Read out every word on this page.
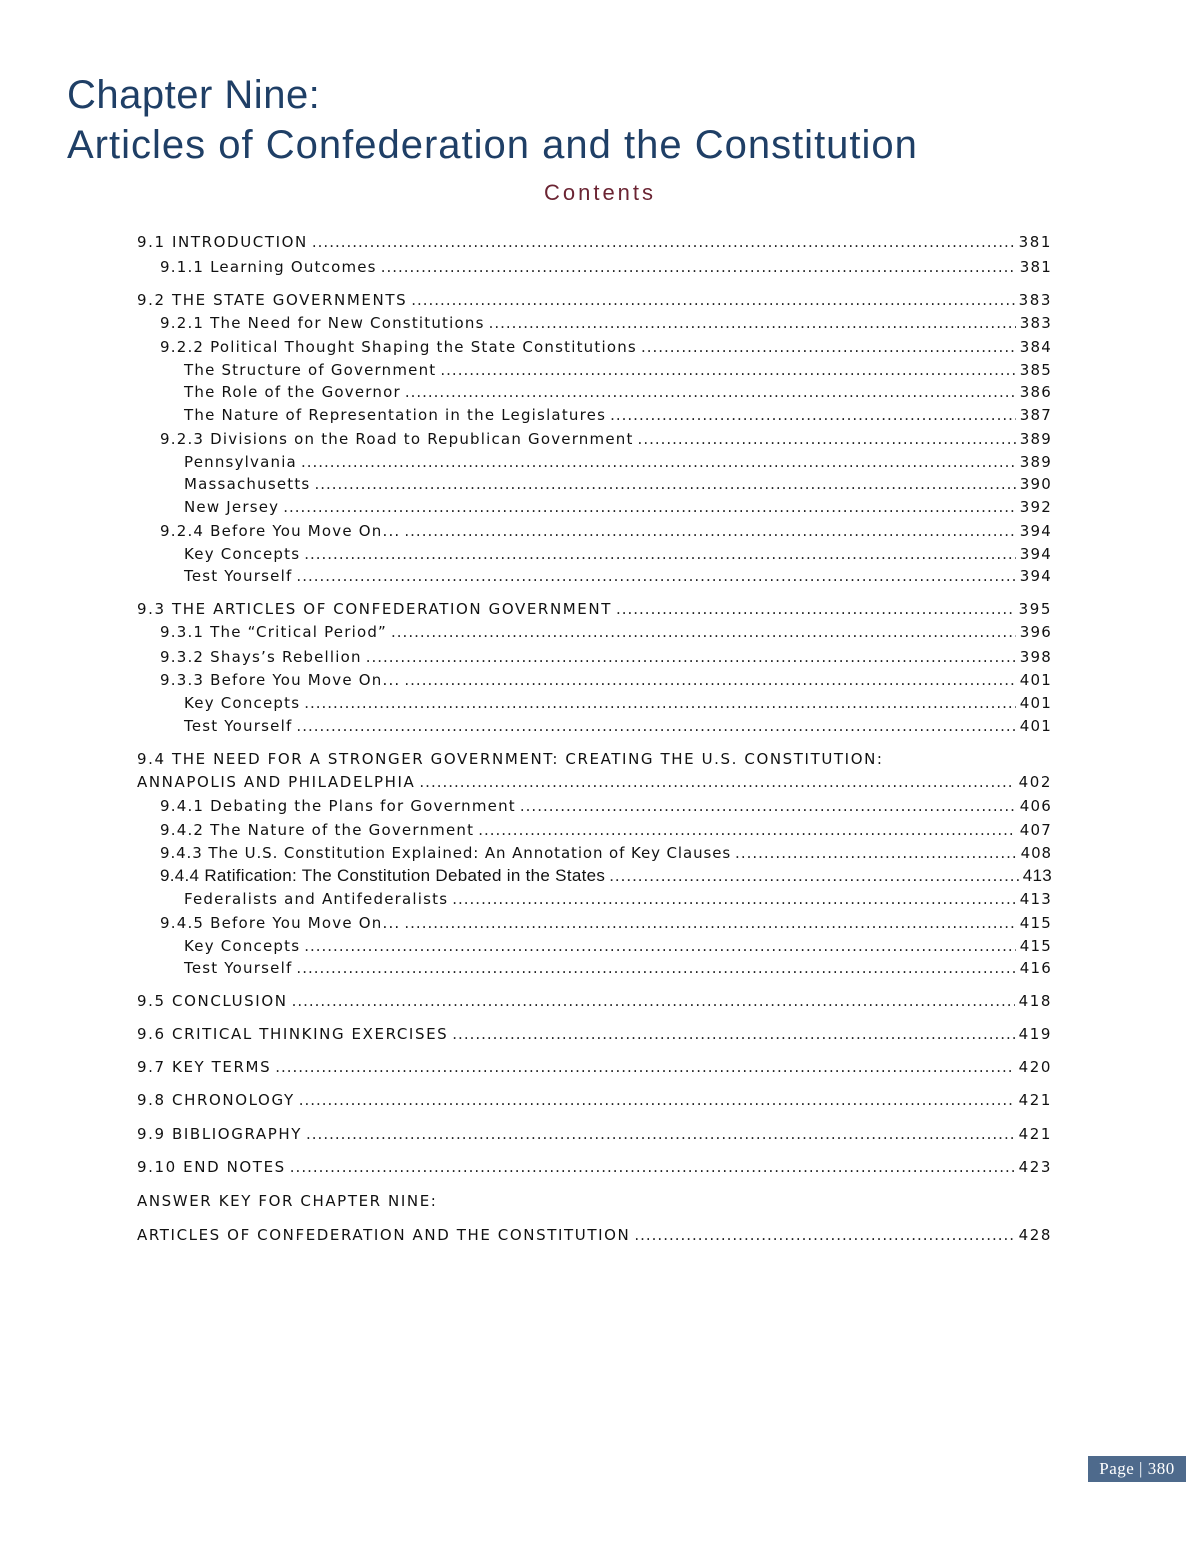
Chapter Nine:
Articles of Confederation and the Constitution
Contents
9.1 INTRODUCTION .....	381
9.1.1 Learning Outcomes .....	381
9.2 THE STATE GOVERNMENTS .....	383
9.2.1 The Need for New Constitutions .....	383
9.2.2 Political Thought Shaping the State Constitutions .....	384
The Structure of Government .....	385
The Role of the Governor .....	386
The Nature of Representation in the Legislatures .....	387
9.2.3 Divisions on the Road to Republican Government .....	389
Pennsylvania .....	389
Massachusetts .....	390
New Jersey .....	392
9.2.4 Before You Move On... .....	394
Key Concepts .....	394
Test Yourself .....	394
9.3 THE ARTICLES OF CONFEDERATION GOVERNMENT .....	395
9.3.1 The “Critical Period” .....	396
9.3.2 Shays’s Rebellion .....	398
9.3.3 Before You Move On... .....	401
Key Concepts .....	401
Test Yourself .....	401
9.4 THE NEED FOR A STRONGER GOVERNMENT: CREATING THE U.S. CONSTITUTION:
ANNAPOLIS AND PHILADELPHIA .....	402
9.4.1 Debating the Plans for Government .....	406
9.4.2 The Nature of the Government .....	407
9.4.3 The U.S. Constitution Explained: An Annotation of Key Clauses .....	408
9.4.4 Ratification: The Constitution Debated in the States .....	413
Federalists and Antifederalists .....	413
9.4.5 Before You Move On... .....	415
Key Concepts .....	415
Test Yourself .....	416
9.5 CONCLUSION .....	418
9.6 CRITICAL THINKING EXERCISES .....	419
9.7 KEY TERMS .....	420
9.8 CHRONOLOGY .....	421
9.9 BIBLIOGRAPHY .....	421
9.10 END NOTES .....	423
ANSWER KEY FOR CHAPTER NINE:
ARTICLES OF CONFEDERATION AND THE CONSTITUTION .....	428
Page | 380
